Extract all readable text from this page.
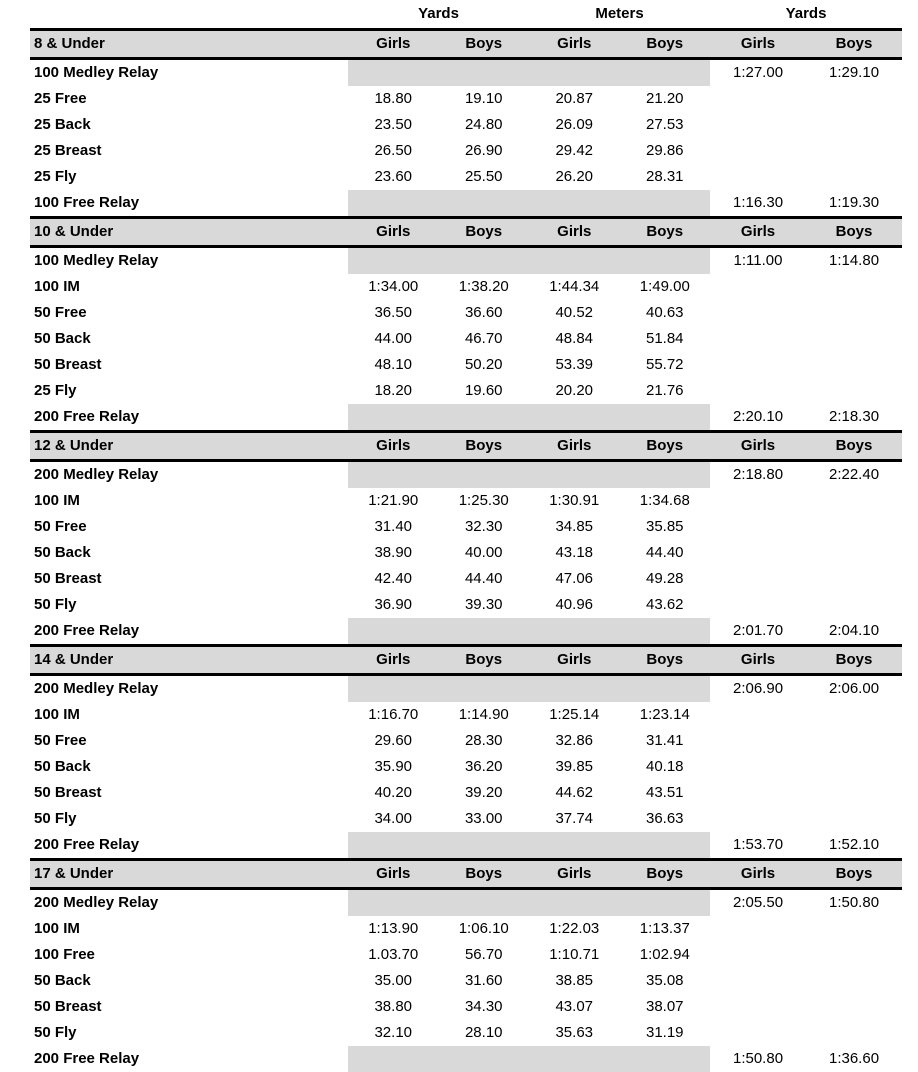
	Yards		Meters		Yards	
8 & Under	Girls	Boys	Girls	Boys	Girls	Boys
100 Medley Relay					1:27.00	1:29.10
25 Free	18.80	19.10	20.87	21.20		
25 Back	23.50	24.80	26.09	27.53		
25 Breast	26.50	26.90	29.42	29.86		
25 Fly	23.60	25.50	26.20	28.31		
100 Free Relay					1:16.30	1:19.30
10 & Under	Girls	Boys	Girls	Boys	Girls	Boys
100 Medley Relay					1:11.00	1:14.80
100 IM	1:34.00	1:38.20	1:44.34	1:49.00		
50 Free	36.50	36.60	40.52	40.63		
50 Back	44.00	46.70	48.84	51.84		
50 Breast	48.10	50.20	53.39	55.72		
25 Fly	18.20	19.60	20.20	21.76		
200 Free Relay					2:20.10	2:18.30
12 & Under	Girls	Boys	Girls	Boys	Girls	Boys
200 Medley Relay					2:18.80	2:22.40
100 IM	1:21.90	1:25.30	1:30.91	1:34.68		
50 Free	31.40	32.30	34.85	35.85		
50 Back	38.90	40.00	43.18	44.40		
50 Breast	42.40	44.40	47.06	49.28		
50 Fly	36.90	39.30	40.96	43.62		
200 Free Relay					2:01.70	2:04.10
14 & Under	Girls	Boys	Girls	Boys	Girls	Boys
200 Medley Relay					2:06.90	2:06.00
100 IM	1:16.70	1:14.90	1:25.14	1:23.14		
50 Free	29.60	28.30	32.86	31.41		
50 Back	35.90	36.20	39.85	40.18		
50 Breast	40.20	39.20	44.62	43.51		
50 Fly	34.00	33.00	37.74	36.63		
200 Free Relay					1:53.70	1:52.10
17 & Under	Girls	Boys	Girls	Boys	Girls	Boys
200 Medley Relay					2:05.50	1:50.80
100 IM	1:13.90	1:06.10	1:22.03	1:13.37		
100 Free	1.03.70	56.70	1:10.71	1:02.94		
50 Back	35.00	31.60	38.85	35.08		
50 Breast	38.80	34.30	43.07	38.07		
50 Fly	32.10	28.10	35.63	31.19		
200 Free Relay					1:50.80	1:36.60
